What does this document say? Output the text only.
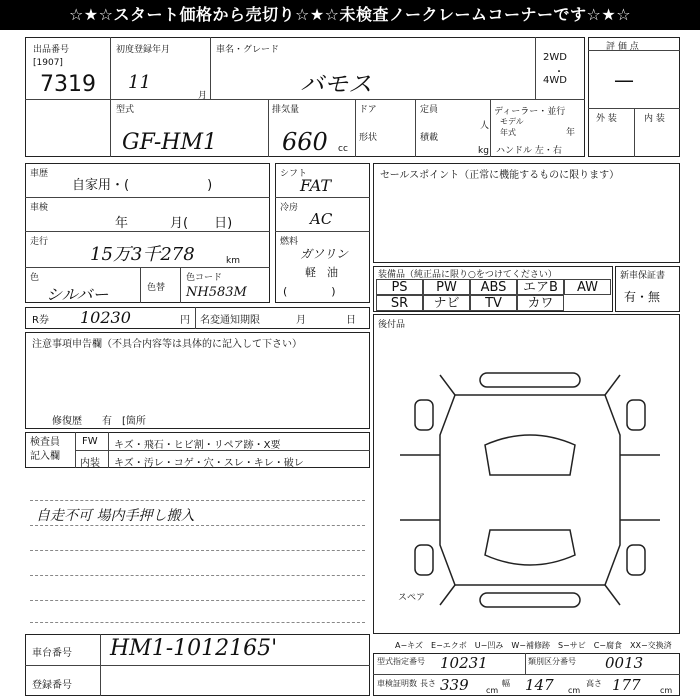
☆★☆スタート価格から売切り☆★☆未検査ノークレームコーナーです☆★☆
出品番号
[1907]
7319
初度登録年月
11
月
車名・グレード
バモス
2WD
・
4WD
評 価 点
—
外 装	内 装
型式
GF-HM1
排気量
660 cc
ドア
形状
定員
人
積載
kg
ディーラー・並行
モデル
年式	年
ハンドル 左・右
車歴
自家用・(　　　　　　)
車検
年	月(　　日)
走行
15万3千278	km
色
シルバー	色替
色コード
NH583M
シフト
FAT
冷房
AC
燃料
ガソリン
軽　油
(　　　　)
セールスポイント（正常に機能するものに限ります）
装備品（純正品に限り○をつけてください）
PS	PW	ABS	エアB	AW
SR	ナビ	TV	カワ
新車保証書
有・無
R券 10230	円 名変通知期限	月	日 後付品
注意事項申告欄（不具合内容等は具体的に記入して下さい）
修復歴　　有　[箇所
検査員
記入欄
FW キズ・飛石・ヒビ割・リペア跡・X要
内装 キズ・汚レ・コゲ・穴・スレ・キレ・破レ
自走不可 場内手押し搬入
スペア
A−キズ　E−エクボ　U−凹み　W−補修跡　S−サビ　C−腐食　XX−交換済
車台番号 HM1-1012165'
登録番号
型式指定番号 10231	類別区分番号 0013
車検証明数 長さ 339 cm
幅 147 cm
高さ 177 cm
